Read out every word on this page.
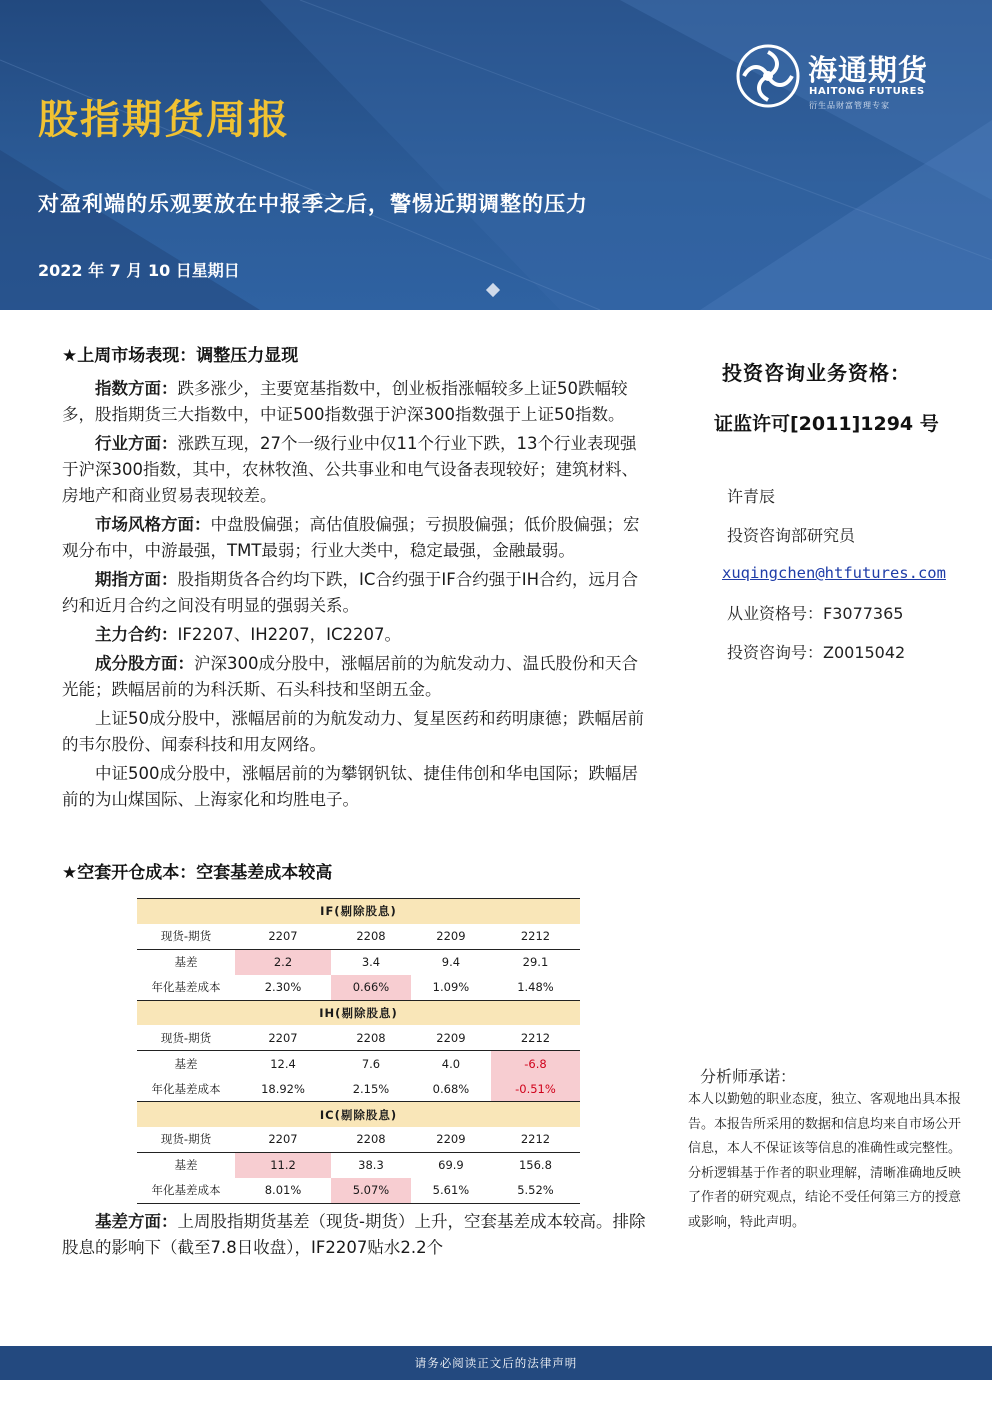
海通期货
HAITONG FUTURES
衍生品财富管理专家
股指期货周报
对盈利端的乐观要放在中报季之后，警惕近期调整的压力
2022 年 7 月 10 日星期日
★上周市场表现：调整压力显现

指数方面：跌多涨少，主要宽基指数中，创业板指涨幅较多上证50跌幅较多，股指期货三大指数中，中证500指数强于沪深300指数强于上证50指数。

行业方面：涨跌互现，27个一级行业中仅11个行业下跌，13个行业表现强于沪深300指数，其中，农林牧渔、公共事业和电气设备表现较好；建筑材料、房地产和商业贸易表现较差。

市场风格方面：中盘股偏强；高估值股偏强；亏损股偏强；低价股偏强；宏观分布中，中游最强，TMT最弱；行业大类中，稳定最强，金融最弱。

期指方面：股指期货各合约均下跌，IC合约强于IF合约强于IH合约，远月合约和近月合约之间没有明显的强弱关系。

主力合约：IF2207、IH2207，IC2207。

成分股方面：沪深300成分股中，涨幅居前的为航发动力、温氏股份和天合光能；跌幅居前的为科沃斯、石头科技和坚朗五金。

上证50成分股中，涨幅居前的为航发动力、复星医药和药明康德；跌幅居前的韦尔股份、闻泰科技和用友网络。

中证500成分股中，涨幅居前的为攀钢钒钛、捷佳伟创和华电国际；跌幅居前的为山煤国际、上海家化和均胜电子。

★空套开仓成本：空套基差成本较高
IF(剔除股息)				
现货-期货	2207	2208	2209	2212
基差	2.2	3.4	9.4	29.1
年化基差成本	2.30%	0.66%	1.09%	1.48%
IH(剔除股息)				
现货-期货	2207	2208	2209	2212
基差	12.4	7.6	4.0	-6.8
年化基差成本	18.92%	2.15%	0.68%	-0.51%
IC(剔除股息)				
现货-期货	2207	2208	2209	2212
基差	11.2	38.3	69.9	156.8
年化基差成本	8.01%	5.07%	5.61%	5.52%

基差方面：上周股指期货基差（现货-期货）上升，空套基差成本较高。排除股息的影响下（截至7.8日收盘），IF2207贴水2.2个

投资咨询业务资格：
证监许可[2011]1294 号
许青辰
投资咨询部研究员
xuqingchen@htfutures.com
从业资格号：F3077365
投资咨询号：Z0015042
分析师承诺：
本人以勤勉的职业态度，独立、客观地出具本报告。本报告所采用的数据和信息均来自市场公开信息，本人不保证该等信息的准确性或完整性。分析逻辑基于作者的职业理解，清晰准确地反映了作者的研究观点，结论不受任何第三方的授意或影响，特此声明。
请务必阅读正文后的法律声明
